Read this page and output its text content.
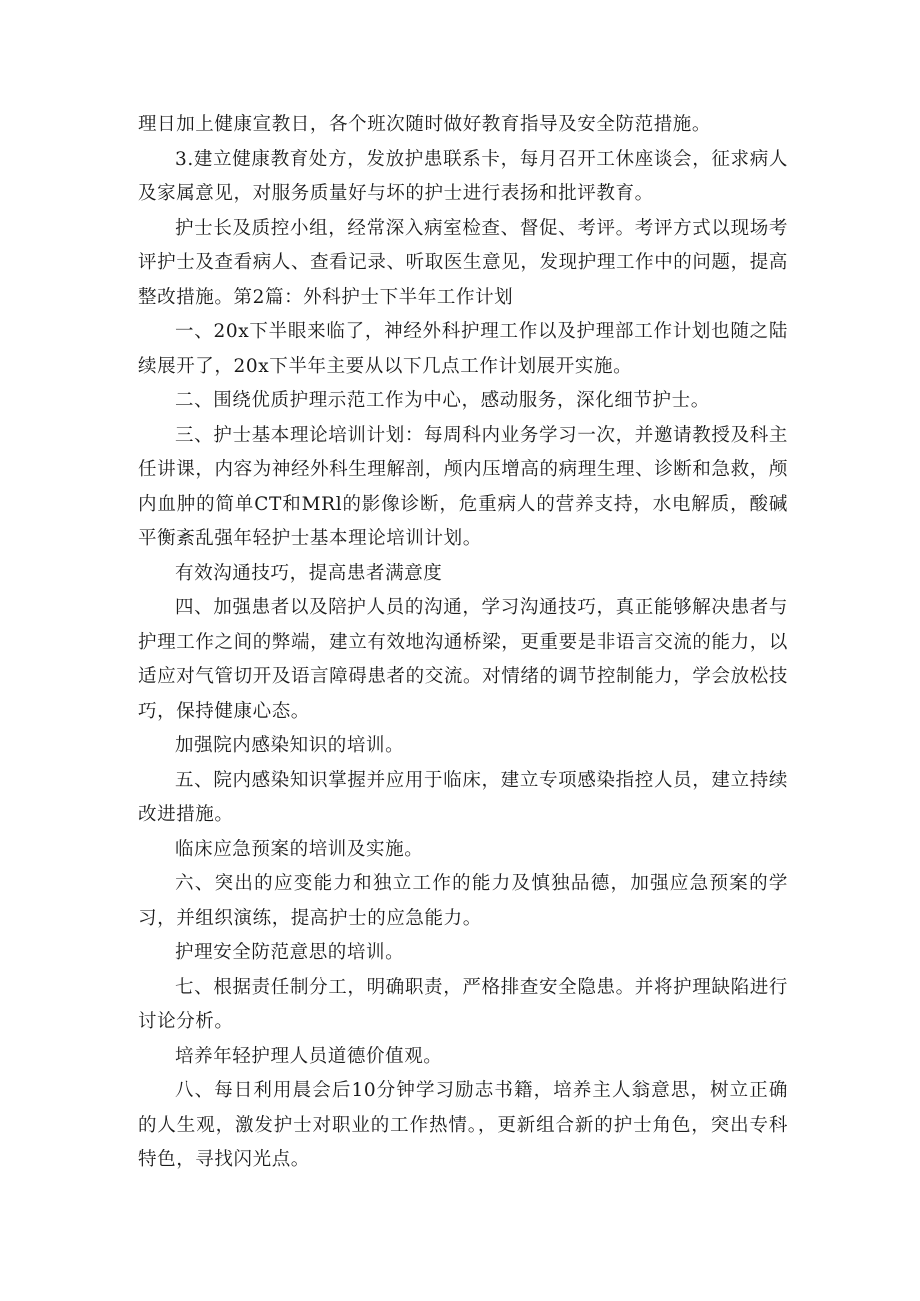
理日加上健康宣教日，各个班次随时做好教育指导及安全防范措施。

3.建立健康教育处方，发放护患联系卡，每月召开工休座谈会，征求病人及家属意见，对服务质量好与坏的护士进行表扬和批评教育。

护士长及质控小组，经常深入病室检查、督促、考评。考评方式以现场考评护士及查看病人、查看记录、听取医生意见，发现护理工作中的问题，提高整改措施。第2篇：外科护士下半年工作计划

一、20x下半眼来临了，神经外科护理工作以及护理部工作计划也随之陆续展开了，20x下半年主要从以下几点工作计划展开实施。

二、围绕优质护理示范工作为中心，感动服务，深化细节护士。

三、护士基本理论培训计划：每周科内业务学习一次，并邀请教授及科主任讲课，内容为神经外科生理解剖，颅内压增高的病理生理、诊断和急救，颅内血肿的简单CT和MRl的影像诊断，危重病人的营养支持，水电解质，酸碱平衡紊乱强年轻护士基本理论培训计划。

有效沟通技巧，提高患者满意度

四、加强患者以及陪护人员的沟通，学习沟通技巧，真正能够解决患者与护理工作之间的弊端，建立有效地沟通桥梁，更重要是非语言交流的能力，以适应对气管切开及语言障碍患者的交流。对情绪的调节控制能力，学会放松技巧，保持健康心态。

加强院内感染知识的培训。

五、院内感染知识掌握并应用于临床，建立专项感染指控人员，建立持续改进措施。

临床应急预案的培训及实施。

六、突出的应变能力和独立工作的能力及慎独品德，加强应急预案的学习，并组织演练，提高护士的应急能力。

护理安全防范意思的培训。

七、根据责任制分工，明确职责，严格排查安全隐患。并将护理缺陷进行讨论分析。

培养年轻护理人员道德价值观。

八、每日利用晨会后10分钟学习励志书籍，培养主人翁意思，树立正确的人生观，激发护士对职业的工作热情。，更新组合新的护士角色，突出专科特色，寻找闪光点。
